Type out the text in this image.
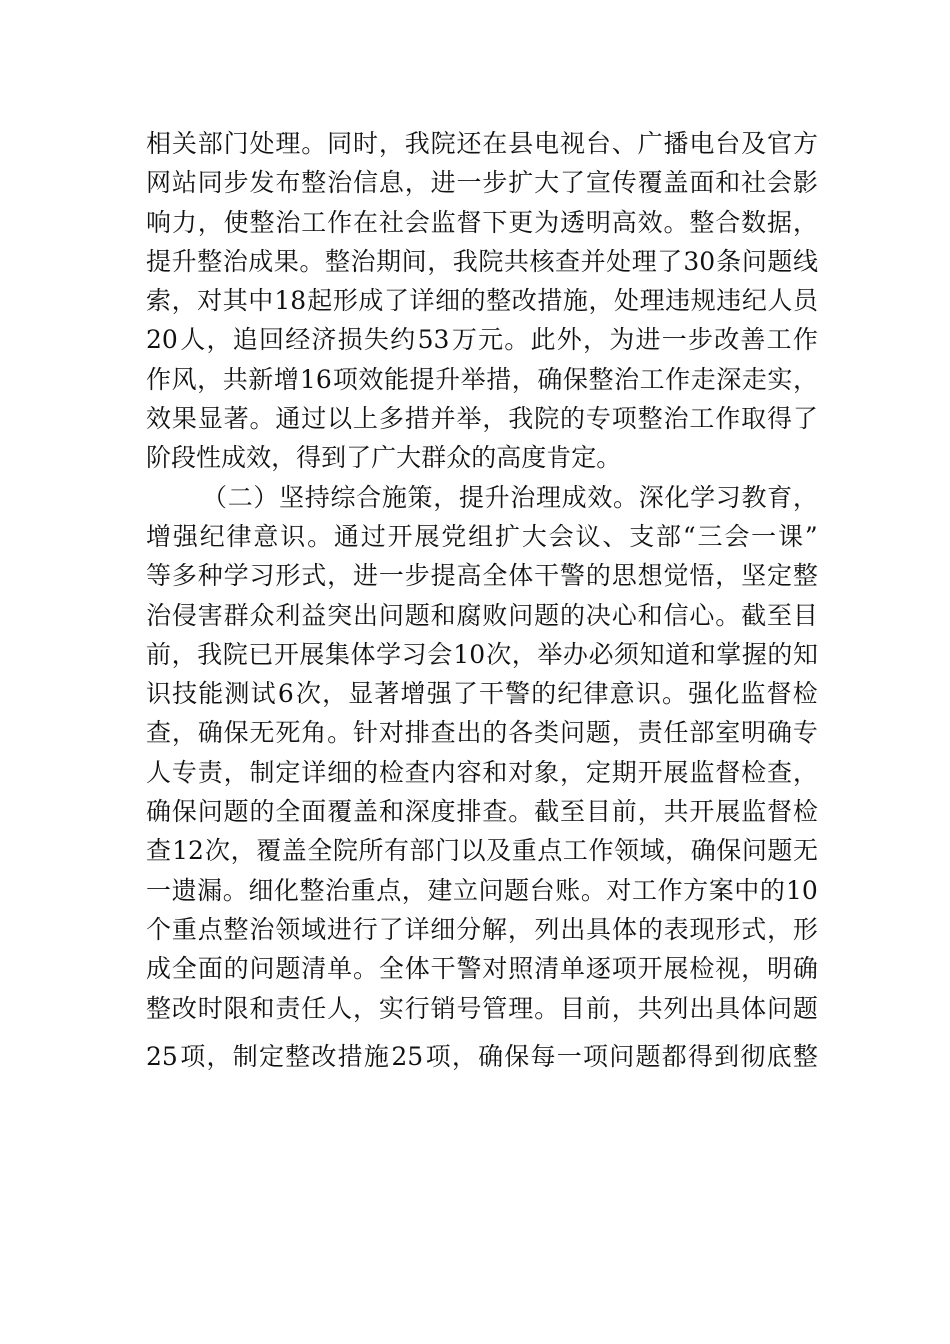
相 关 部 门 处 理 。 同 时 ， 我 院 还 在 县 电 视 台 、 广 播 电 台 及 官 方
网 站 同 步 发 布 整 治 信 息 ， 进 一 步 扩 大 了 宣 传 覆 盖 面 和 社 会 影
响 力 ， 使 整 治 工 作 在 社 会 监 督 下 更 为 透 明 高 效 。 整 合 数 据 ，
提 升 整 治 成 果 。 整 治 期 间 ， 我 院 共 核 查 并 处 理 了
30
条 问 题 线
索 ， 对 其 中
18
起 形 成 了 详 细 的 整 改 措 施 ， 处 理 违 规 违 纪 人 员
20
人 ， 追 回 经 济 损 失 约
53
万 元 。 此 外 ， 为 进 一 步 改 善 工 作
作 风 ， 共 新 增
16
项 效 能 提 升 举 措 ， 确 保 整 治 工 作 走 深 走 实 ，
效 果 显 著 。 通 过 以 上 多 措 并 举 ， 我 院 的 专 项 整 治 工 作 取 得 了
阶 段 性 成 效 ， 得 到 了 广 大 群 众 的 高 度 肯 定 。
（ 二 ） 坚 持 综 合 施 策 ， 提 升 治 理 成 效 。 深 化 学 习 教 育 ，
增 强 纪 律 意 识 。 通 过 开 展 党 组 扩 大 会 议 、 支 部 “ 三 会 一 课 ”
等 多 种 学 习 形 式 ， 进 一 步 提 高 全 体 干 警 的 思 想 觉 悟 ， 坚 定 整
治 侵 害 群 众 利 益 突 出 问 题 和 腐 败 问 题 的 决 心 和 信 心 。 截 至 目
前 ， 我 院 已 开 展 集 体 学 习 会
10
次 ， 举 办 必 须 知 道 和 掌 握 的 知
识 技 能 测 试
6
次 ， 显 著 增 强 了 干 警 的 纪 律 意 识 。 强 化 监 督 检
查 ， 确 保 无 死 角 。 针 对 排 查 出 的 各 类 问 题 ， 责 任 部 室 明 确 专
人 专 责 ， 制 定 详 细 的 检 查 内 容 和 对 象 ， 定 期 开 展 监 督 检 查 ，
确 保 问 题 的 全 面 覆 盖 和 深 度 排 查 。 截 至 目 前 ， 共 开 展 监 督 检
查
12
次 ， 覆 盖 全 院 所 有 部 门 以 及 重 点 工 作 领 域 ， 确 保 问 题 无
一 遗 漏 。 细 化 整 治 重 点 ， 建 立 问 题 台 账 。 对 工 作 方 案 中 的
10
个 重 点 整 治 领 域 进 行 了 详 细 分 解 ，
列 出 具 体 的 表 现 形 式 ， 形
成 全 面 的 问 题 清 单 。 全 体 干 警 对 照 清 单 逐 项 开 展 检 视 ， 明 确
整 改 时 限 和 责 任 人 ， 实 行 销 号 管 理 。 目 前 ， 共 列 出 具 体 问 题
25
项 ， 制 定 整 改 措 施
25
项 ， 确 保 每 一 项 问 题 都 得 到 彻 底 整
